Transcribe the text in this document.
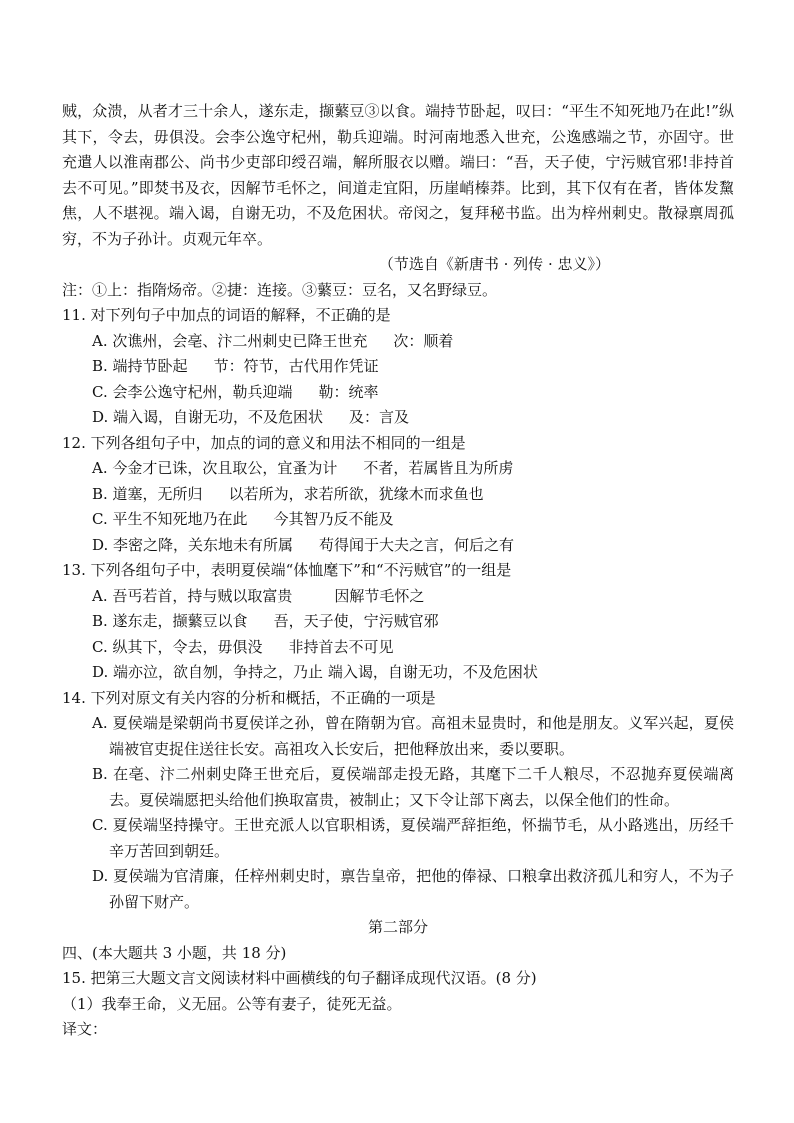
贼，众溃，从者才三十余人，遂东走，撷蘩豆③以食。端持节卧起，叹曰：“平生不知死地乃在此!”纵其下，令去，毋俱没。会李公逸守杞州，勒兵迎端。时河南地悉入世充，公逸感端之节，亦固守。世充遣人以淮南郡公、尚书少吏部印绶召端，解所服衣以赠。端曰：“吾，天子使，宁污贼官邪!非持首去不可见。”即焚书及衣，因解节毛怀之，间道走宜阳，历崖峭榛莽。比到，其下仅有在者，皆体发黧焦，人不堪视。端入谒，自谢无功，不及危困状。帝闵之，复拜秘书监。出为梓州刺史。散禄禀周孤穷，不为子孙计。贞观元年卒。
（节选自《新唐书 · 列传 · 忠义》）
注：①上：指隋炀帝。②捷：连接。③蘩豆：豆名，又名野绿豆。
11. 对下列句子中加点的词语的解释，不正确的是
A. 次谯州，会亳、汴二州刺史已降王世充 次：顺着
B. 端持节卧起 节：符节，古代用作凭证
C. 会李公逸守杞州，勒兵迎端 勒：统率
D. 端入谒，自谢无功，不及危困状 及：言及
12. 下列各组句子中，加点的词的意义和用法不相同的一组是
A. 今金才已诛，次且取公，宜蚤为计 不者，若属皆且为所虏
B. 道塞，无所归 以若所为，求若所欲，犹缘木而求鱼也
C. 平生不知死地乃在此 今其智乃反不能及
D. 李密之降，关东地未有所属 苟得闻于大夫之言，何后之有
13. 下列各组句子中，表明夏侯端“体恤麾下”和“不污贼官”的一组是
A. 吾丐若首，持与贼以取富贵	因解节毛怀之
B. 遂东走，撷蘩豆以食 吾，天子使，宁污贼官邪
C. 纵其下，令去，毋俱没 非持首去不可见
D. 端亦泣，欲自刎，争持之，乃止 端入谒，自谢无功，不及危困状
14. 下列对原文有关内容的分析和概括，不正确的一项是
A. 夏侯端是梁朝尚书夏侯详之孙，曾在隋朝为官。高祖未显贵时，和他是朋友。义军兴起，夏侯端被官吏捉住送往长安。高祖攻入长安后，把他释放出来，委以要职。
B. 在亳、汴二州刺史降王世充后，夏侯端部走投无路，其麾下二千人粮尽，不忍抛弃夏侯端离去。夏侯端愿把头给他们换取富贵，被制止；又下令让部下离去，以保全他们的性命。
C. 夏侯端坚持操守。王世充派人以官职相诱，夏侯端严辞拒绝，怀揣节毛，从小路逃出，历经千辛万苦回到朝廷。
D. 夏侯端为官清廉，任梓州刺史时，禀告皇帝，把他的俸禄、口粮拿出救济孤儿和穷人，不为子孙留下财产。
第二部分
四、(本大题共 3 小题，共 18 分)
15. 把第三大题文言文阅读材料中画横线的句子翻译成现代汉语。(8 分)
（1）我奉王命，义无屈。公等有妻子，徒死无益。
译文：
